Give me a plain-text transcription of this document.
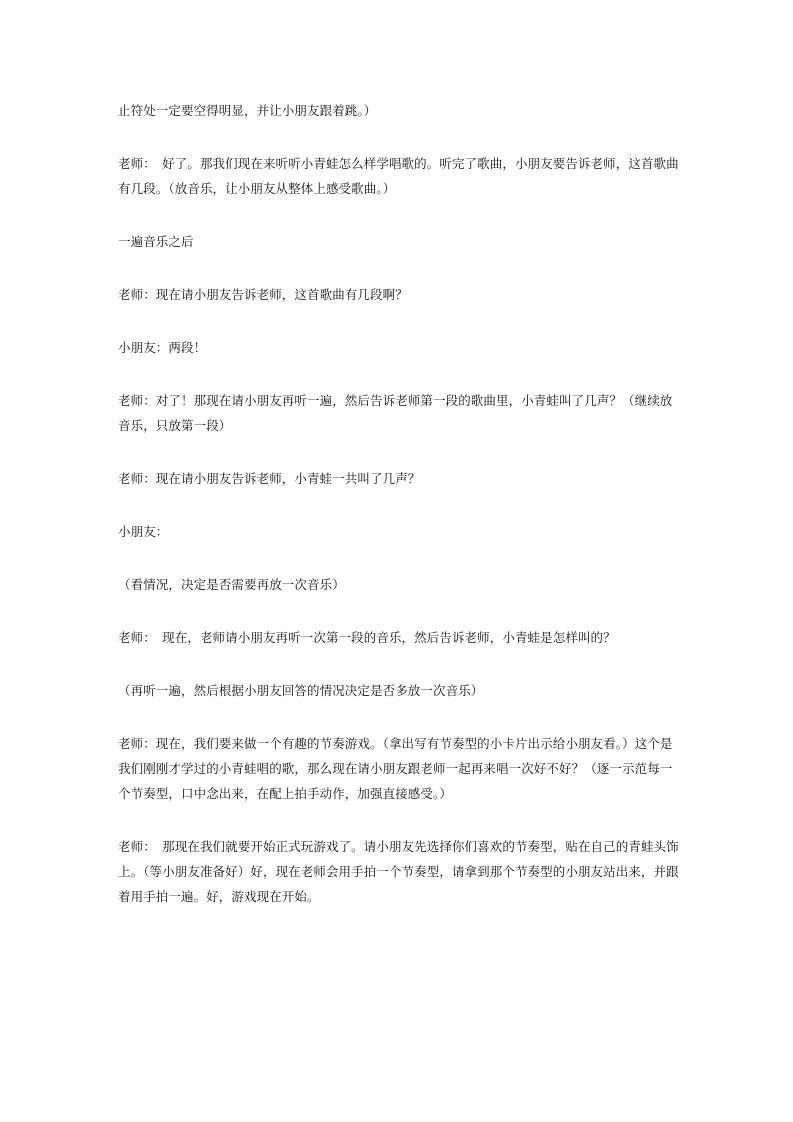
止符处一定要空得明显，并让小朋友跟着跳。）

老师：　好了。那我们现在来听听小青蛙怎么样学唱歌的。听完了歌曲，小朋友要告诉老师，这首歌曲有几段。（放音乐，让小朋友从整体上感受歌曲。）

一遍音乐之后

老师：现在请小朋友告诉老师，这首歌曲有几段啊？

小朋友：两段！

老师：对了！那现在请小朋友再听一遍，然后告诉老师第一段的歌曲里，小青蛙叫了几声？（继续放音乐，只放第一段）

老师：现在请小朋友告诉老师，小青蛙一共叫了几声？

小朋友：

（看情况，决定是否需要再放一次音乐）

老师：　现在，老师请小朋友再听一次第一段的音乐，然后告诉老师，小青蛙是怎样叫的？

（再听一遍，然后根据小朋友回答的情况决定是否多放一次音乐）

老师：现在，我们要来做一个有趣的节奏游戏。（拿出写有节奏型的小卡片出示给小朋友看。）这个是我们刚刚才学过的小青蛙唱的歌，那么现在请小朋友跟老师一起再来唱一次好不好？（逐一示范每一个节奏型，口中念出来，在配上拍手动作，加强直接感受。）

老师：　那现在我们就要开始正式玩游戏了。请小朋友先选择你们喜欢的节奏型，贴在自己的青蛙头饰上。（等小朋友准备好）好，现在老师会用手拍一个节奏型，请拿到那个节奏型的小朋友站出来，并跟着用手拍一遍。好，游戏现在开始。
